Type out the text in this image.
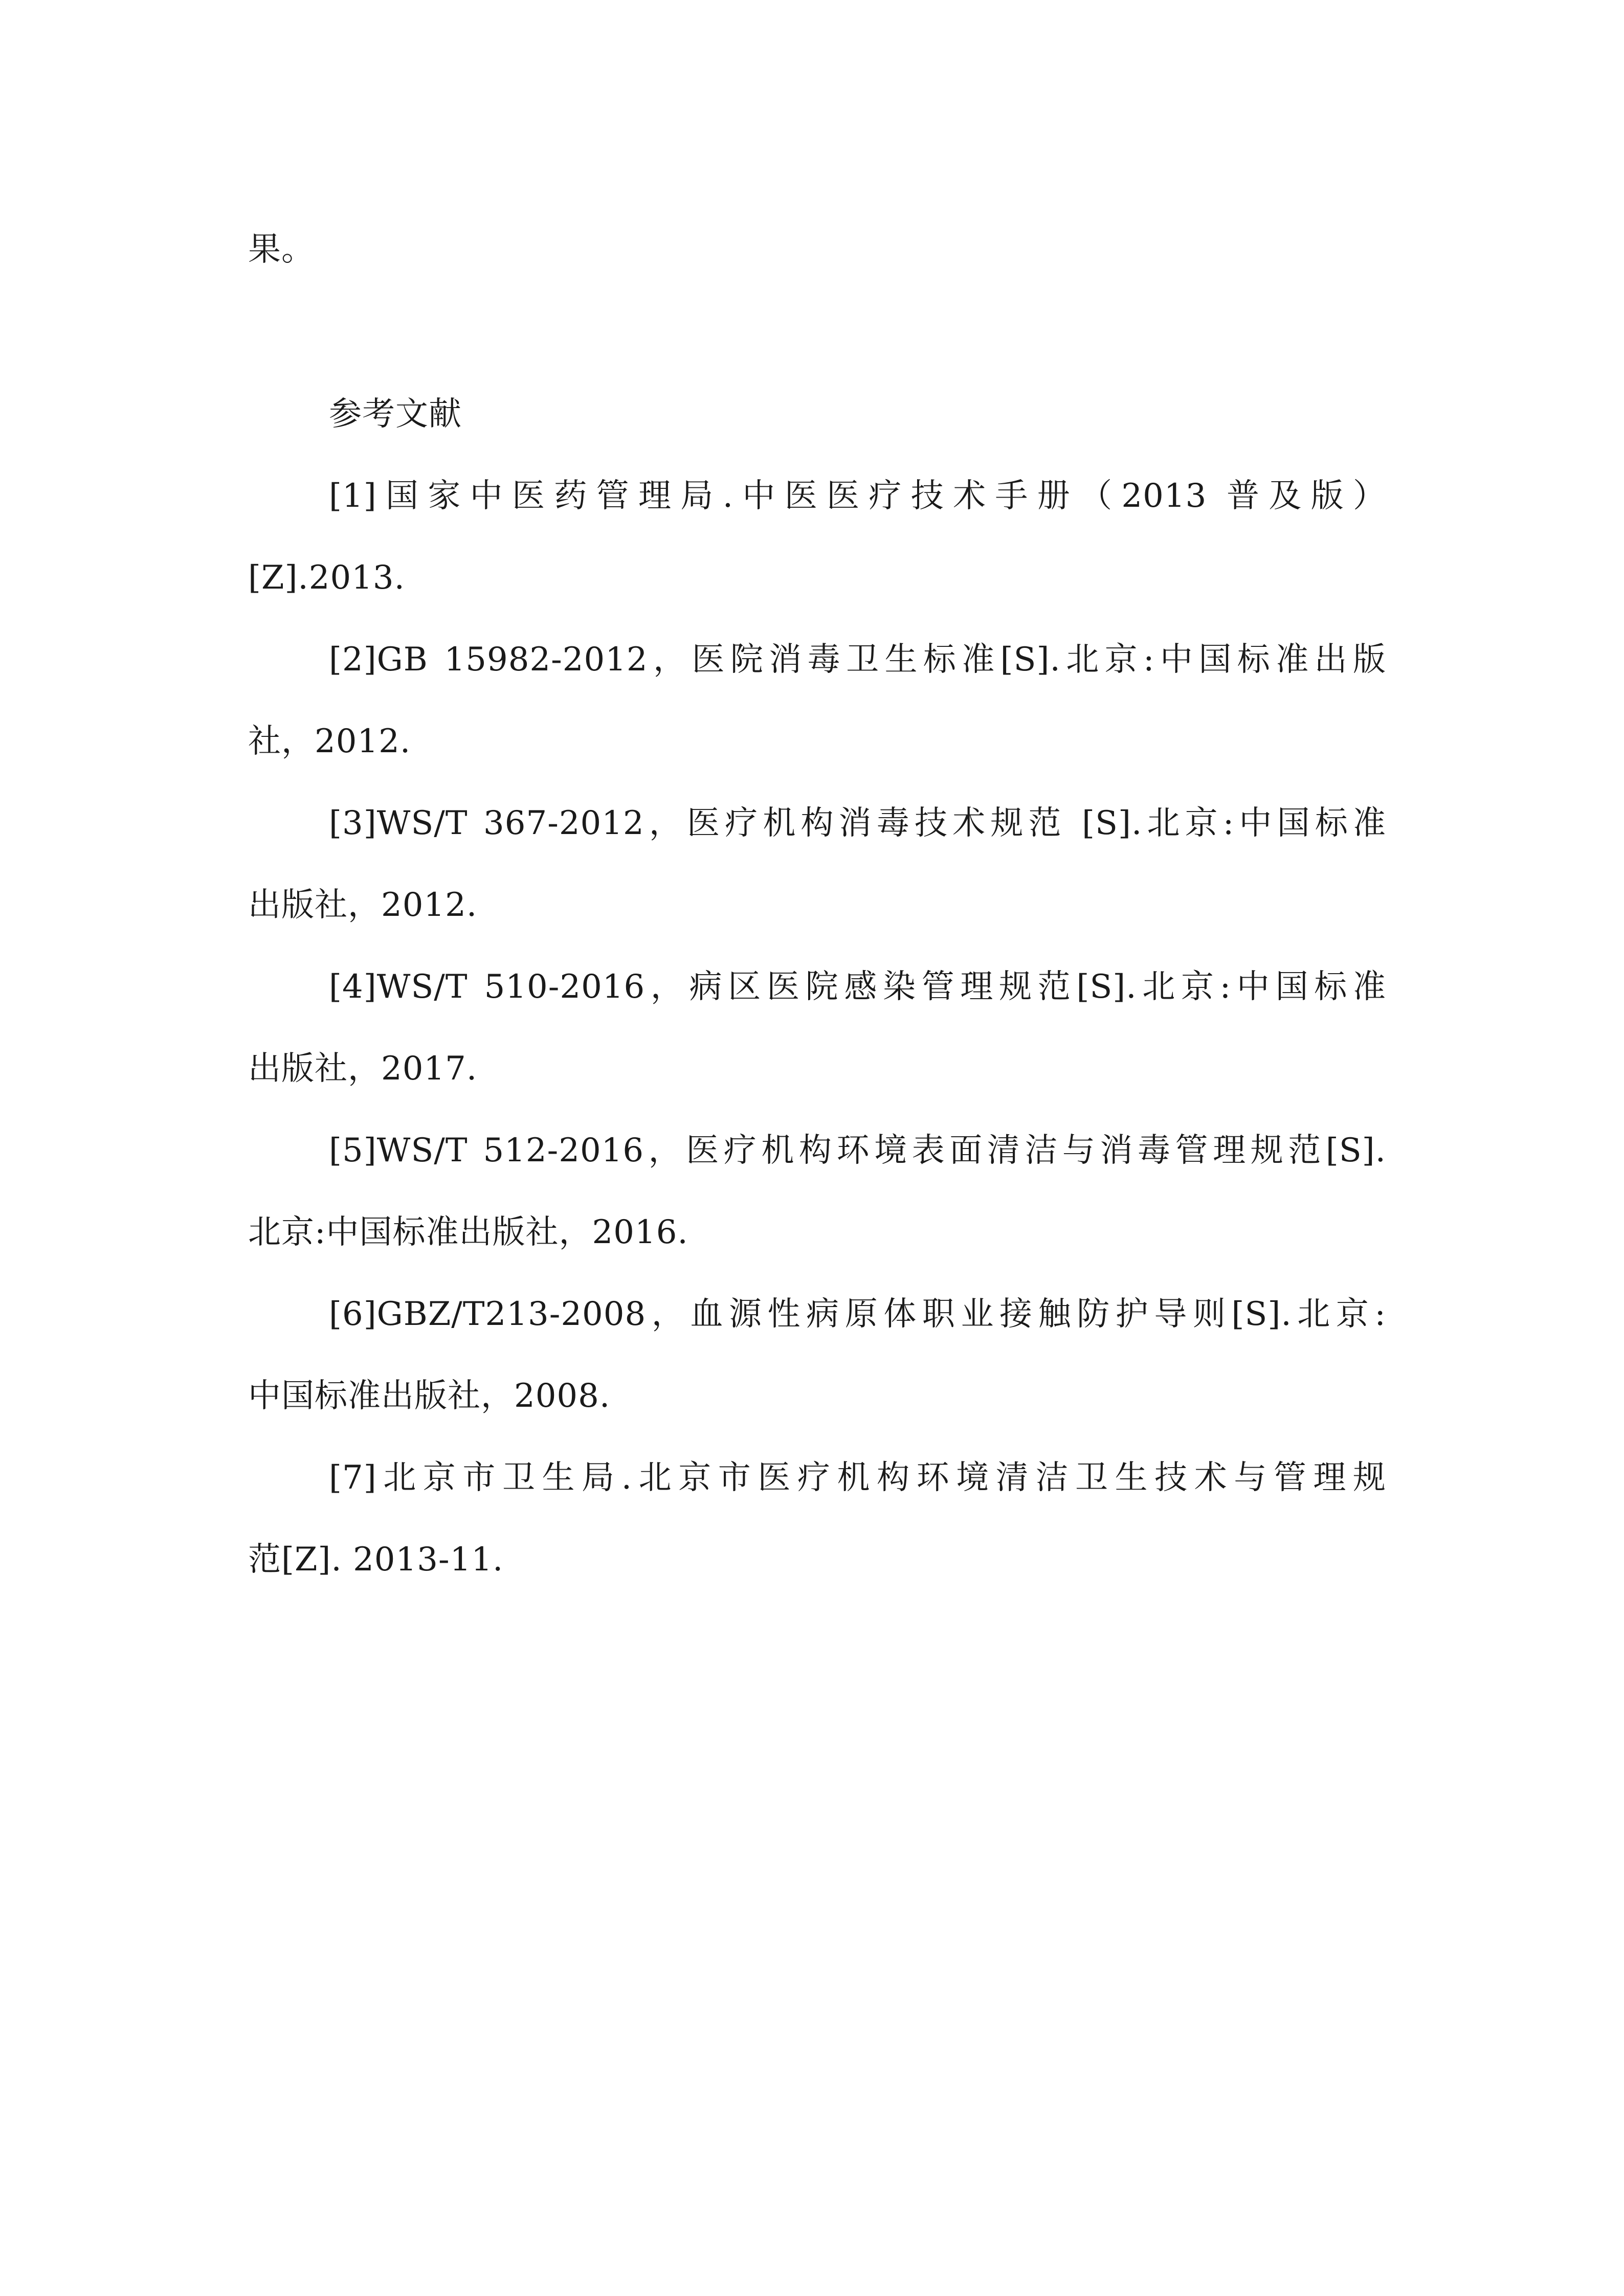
果。
参考文献
[1]国家中医药管理局.中医医疗技术手册（2013 普及版）
[Z].2013.
[2]GB 15982-2012，医院消毒卫生标准[S].北京:中国标准出版
社，2012.
[3]WS/T 367-2012，医疗机构消毒技术规范 [S].北京:中国标准
出版社，2012.
[4]WS/T 510-2016，病区医院感染管理规范[S].北京:中国标准
出版社，2017.
[5]WS/T 512-2016，医疗机构环境表面清洁与消毒管理规范[S].
北京:中国标准出版社，2016.
[6]GBZ/T213-2008，血源性病原体职业接触防护导则[S].北京:
中国标准出版社，2008.
[7]北京市卫生局.北京市医疗机构环境清洁卫生技术与管理规
范[Z]. 2013-11.
